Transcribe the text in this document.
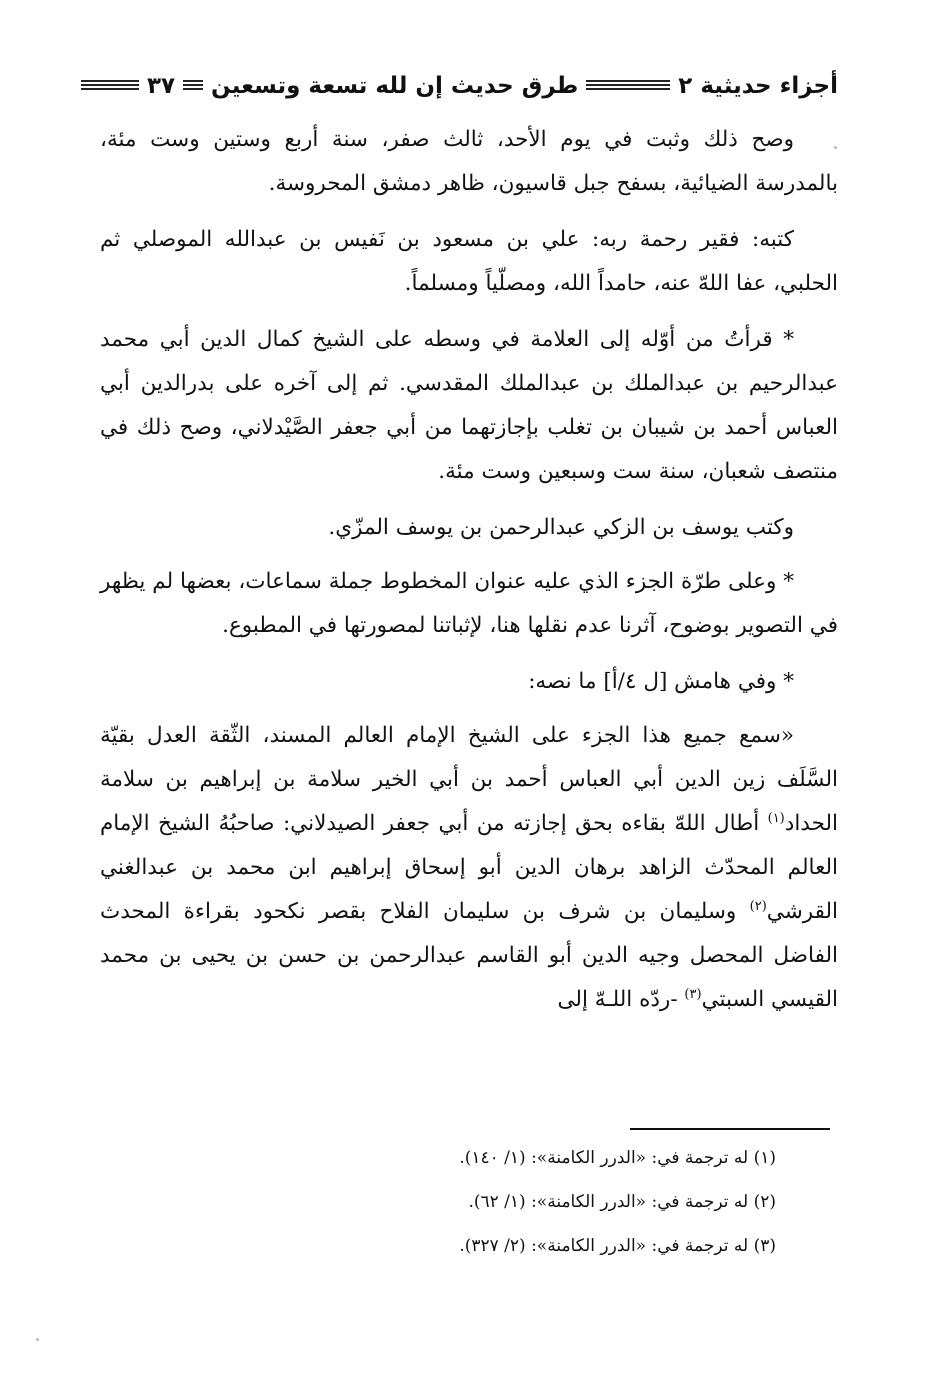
أجزاء حديثية ٢
طرق حديث إن لله تسعة وتسعين
٣٧

وصح ذلك وثبت في يوم الأحد، ثالث صفر، سنة أربع وستين وست مئة، بالمدرسة الضيائية، بسفح جبل قاسيون، ظاهر دمشق المحروسة.

كتبه: فقير رحمة ربه: علي بن مسعود بن نَفيس بن عبدالله الموصلي ثم الحلبي، عفا اللهّ عنه، حامداً الله، ومصلّياً ومسلماً.

* قرأتُ من أوّله إلى العلامة في وسطه على الشيخ كمال الدين أبي محمد عبدالرحيم بن عبدالملك بن عبدالملك المقدسي. ثم إلى آخره على بدرالدين أبي العباس أحمد بن شيبان بن تغلب بإجازتهما من أبي جعفر الصَّيْدلاني، وصح ذلك في منتصف شعبان، سنة ست وسبعين وست مئة.

وكتب يوسف بن الزكي عبدالرحمن بن يوسف المزّي.

* وعلى طرّة الجزء الذي عليه عنوان المخطوط جملة سماعات، بعضها لم يظهر في التصوير بوضوح، آثرنا عدم نقلها هنا، لإثباتنا لمصورتها في المطبوع.

* وفي هامش [ل ٤/أ] ما نصه:

«سمع جميع هذا الجزء على الشيخ الإمام العالم المسند، الثّقة العدل بقيّة السَّلَف زين الدين أبي العباس أحمد بن أبي الخير سلامة بن إبراهيم بن سلامة الحداد$^{(١)}$ أطال اللهّ بقاءه بحق إجازته من أبي جعفر الصيدلاني: صاحبُهُ الشيخ الإمام العالم المحدّث الزاهد برهان الدين أبو إسحاق إبراهيم ابن محمد بن عبدالغني القرشي$^{(٢)}$ وسليمان بن شرف بن سليمان الفلاح بقصر نكحود بقراءة المحدث الفاضل المحصل وجيه الدين أبو القاسم عبدالرحمن بن حسن بن يحيى بن محمد القيسي السبتي$^{(٣)}$ -ردّه اللـهّ إلى

(١) له ترجمة في: «الدرر الكامنة»: (١/ ١٤٠).
(٢) له ترجمة في: «الدرر الكامنة»: (١/ ٦٢).
(٣) له ترجمة في: «الدرر الكامنة»: (٢/ ٣٢٧).
